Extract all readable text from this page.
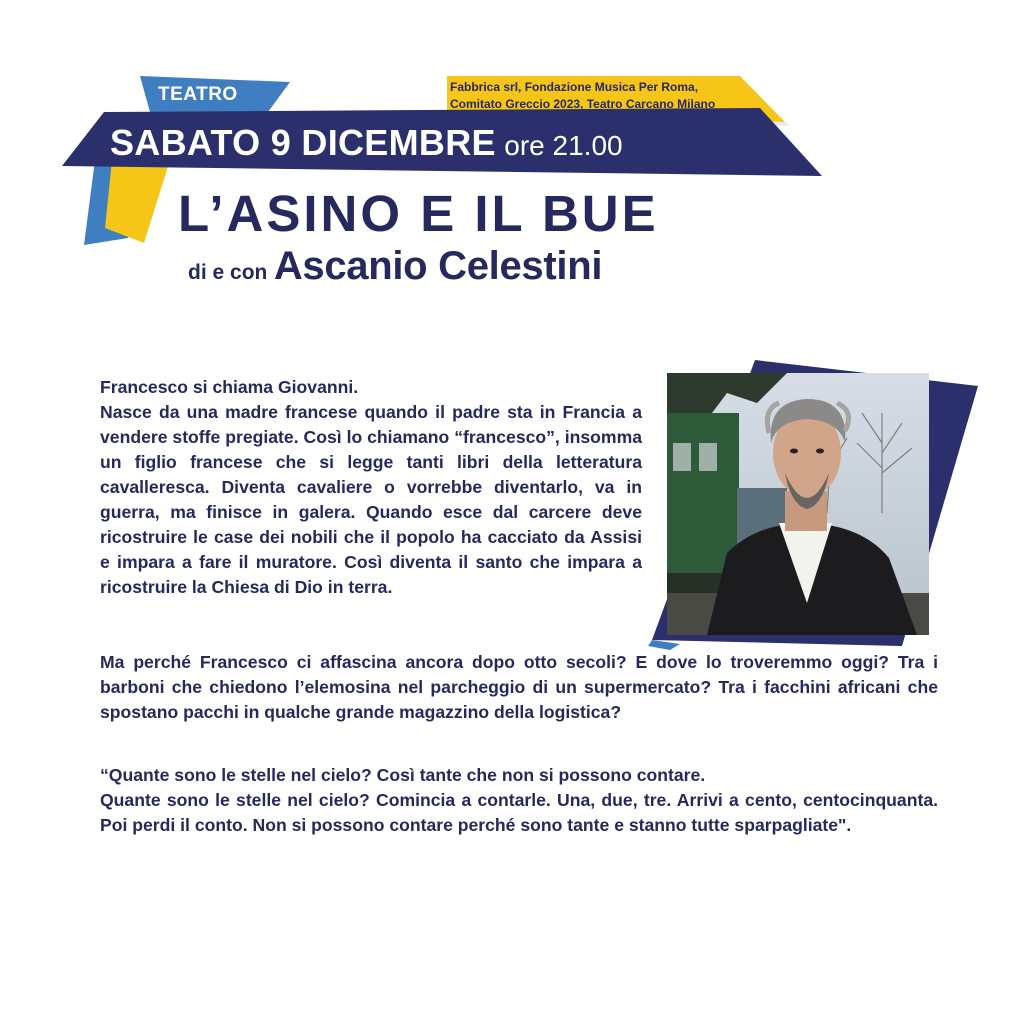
TEATRO	Fabbrica srl, Fondazione Musica Per Roma,
Comitato Greccio 2023, Teatro Carcano Milano
SABATO 9 DICEMBRE ore 21.00
L’ASINO E IL BUE
di e con Ascanio Celestini
Francesco si chiama Giovanni.
Nasce da una madre francese quando il padre sta in Francia a vendere stoffe pregiate. Così lo chiamano “francesco”, insomma un figlio francese che si legge tanti libri della letteratura cavalleresca. Diventa cavaliere o vorrebbe diventarlo, va in guerra, ma finisce in galera. Quando esce dal carcere deve ricostruire le case dei nobili che il popolo ha cacciato da Assisi e impara a fare il muratore. Così diventa il santo che impara a ricostruire la Chiesa di Dio in terra.
Ma perché Francesco ci affascina ancora dopo otto secoli? E dove lo troveremmo oggi? Tra i barboni che chiedono l’elemosina nel parcheggio di un supermercato? Tra i facchini africani che spostano pacchi in qualche grande magazzino della logistica?
“Quante sono le stelle nel cielo? Così tante che non si possono contare.
Quante sono le stelle nel cielo? Comincia a contarle. Una, due, tre. Arrivi a cento, centocinquanta. Poi perdi il conto. Non si possono contare perché sono tante e stanno tutte sparpagliate".
